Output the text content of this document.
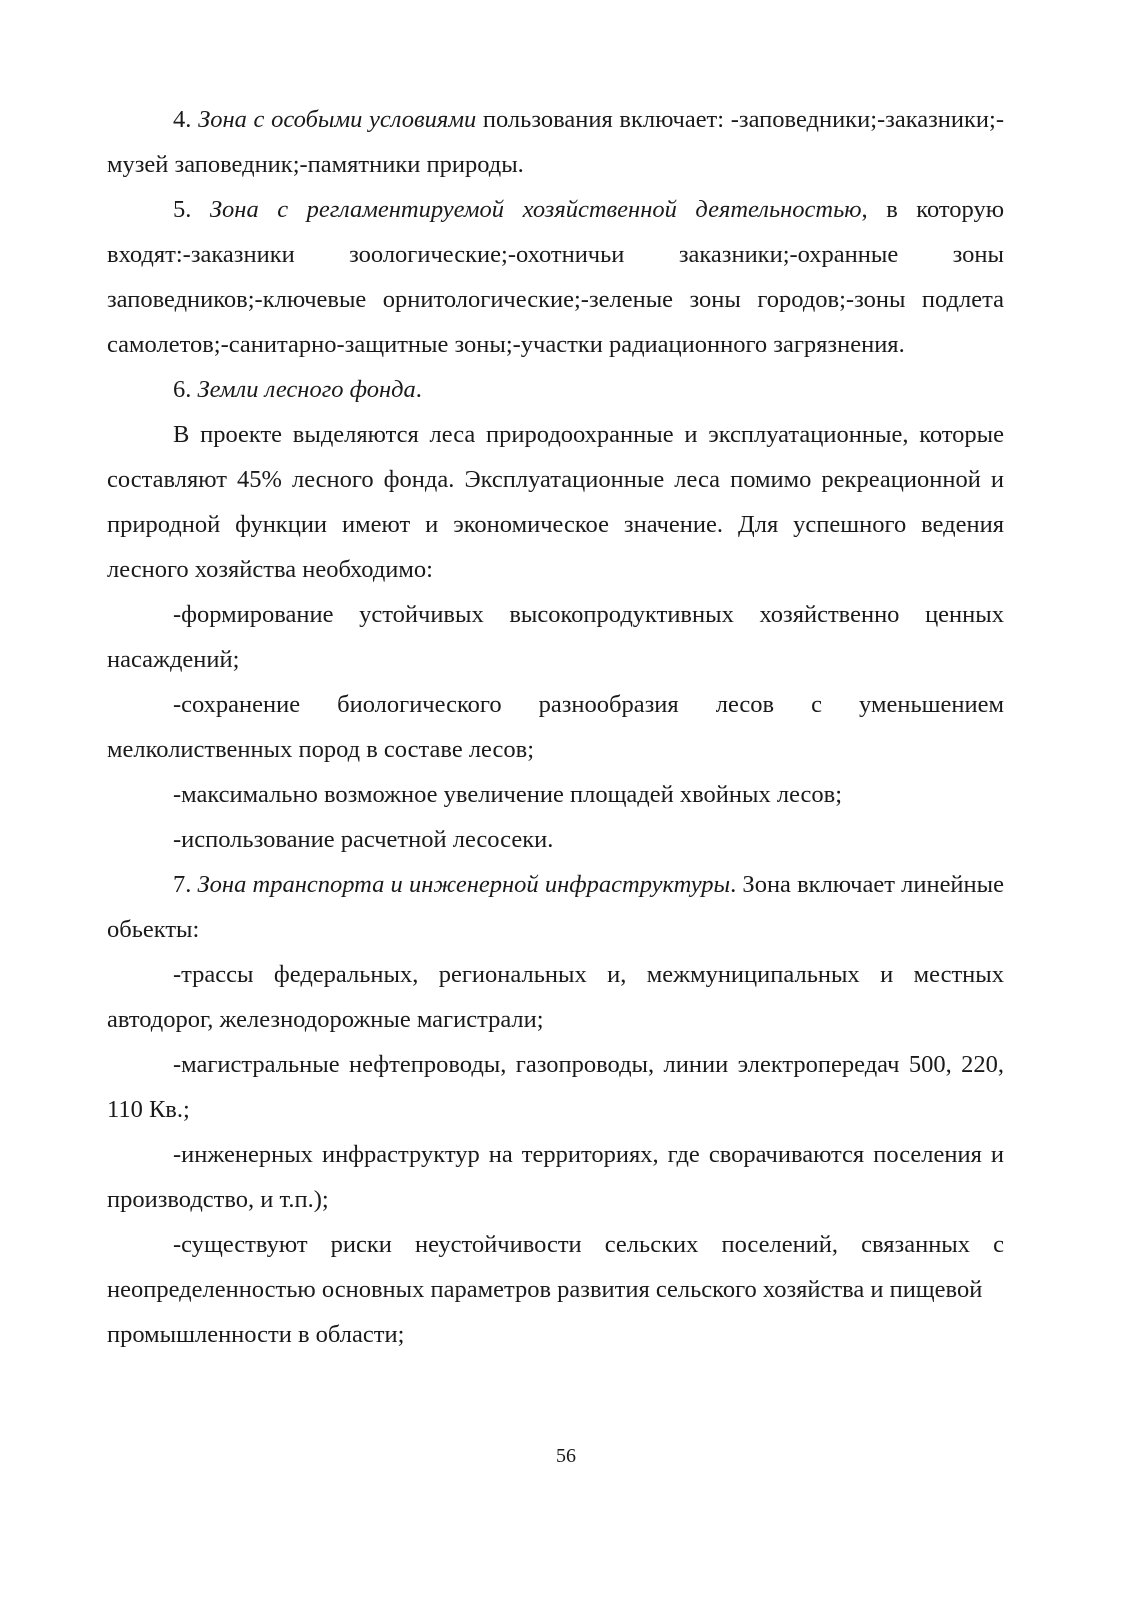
4. Зона с особыми условиями пользования включает: -заповедники;-заказники;-музей заповедник;-памятники природы.

5. Зона с регламентируемой хозяйственной деятельностью, в которую входят:-заказники зоологические;-охотничьи заказники;-охранные зоны заповедников;-ключевые орнитологические;-зеленые зоны городов;-зоны подлета самолетов;-санитарно-защитные зоны;-участки радиационного загрязнения.

6. Земли лесного фонда.

В проекте выделяются леса природоохранные и эксплуатационные, которые составляют 45% лесного фонда. Эксплуатационные леса помимо рекреационной и природной функции имеют и экономическое значение. Для успешного ведения лесного хозяйства необходимо:

-формирование устойчивых высокопродуктивных хозяйственно ценных насаждений;

-сохранение биологического разнообразия лесов с уменьшением мелколиственных пород в составе лесов;

-максимально возможное увеличение площадей хвойных лесов;

-использование расчетной лесосеки.

7. Зона транспорта и инженерной инфраструктуры. Зона включает линейные обьекты:

-трассы федеральных, региональных и, межмуниципальных и местных автодорог, железнодорожные магистрали;

-магистральные нефтепроводы, газопроводы, линии электропередач 500, 220, 110 Кв.;

-инженерных инфраструктур на территориях, где сворачиваются поселения и производство, и т.п.);

-существуют риски неустойчивости сельских поселений, связанных с неопределенностью основных параметров развития сельского хозяйства и пищевой

промышленности в области;

56
